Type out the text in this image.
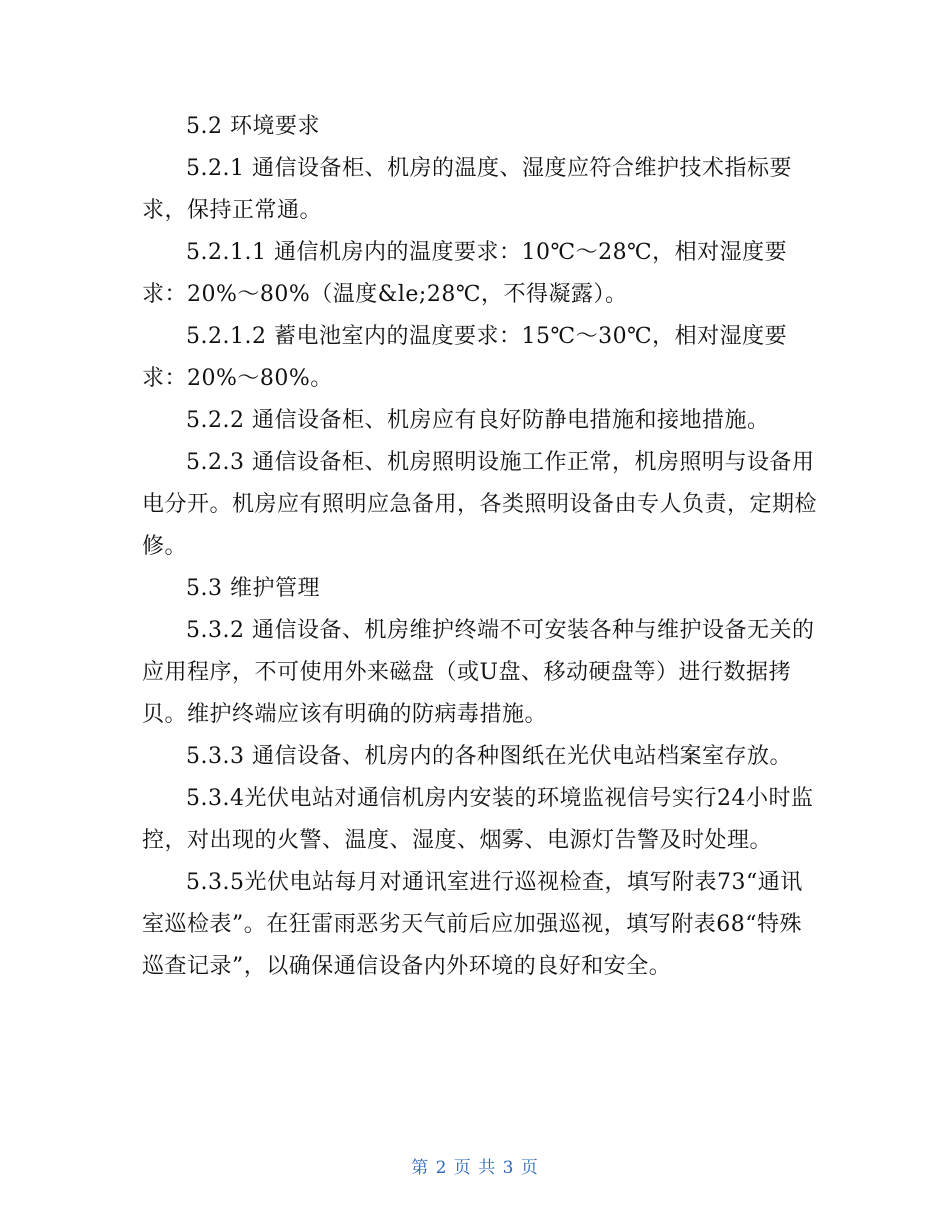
5.2 环境要求

5.2.1 通信设备柜、机房的温度、湿度应符合维护技术指标要求，保持正常通。

5.2.1.1 通信机房内的温度要求：10℃～28℃，相对湿度要求：20%～80%（温度&le;28℃，不得凝露）。

5.2.1.2 蓄电池室内的温度要求：15℃～30℃，相对湿度要求：20%～80%。

5.2.2 通信设备柜、机房应有良好防静电措施和接地措施。

5.2.3 通信设备柜、机房照明设施工作正常，机房照明与设备用电分开。机房应有照明应急备用，各类照明设备由专人负责，定期检修。

5.3 维护管理

5.3.2 通信设备、机房维护终端不可安装各种与维护设备无关的应用程序，不可使用外来磁盘（或U盘、移动硬盘等）进行数据拷贝。维护终端应该有明确的防病毒措施。

5.3.3 通信设备、机房内的各种图纸在光伏电站档案室存放。

5.3.4光伏电站对通信机房内安装的环境监视信号实行24小时监控，对出现的火警、温度、湿度、烟雾、电源灯告警及时处理。

5.3.5光伏电站每月对通讯室进行巡视检查，填写附表73“通讯室巡检表”。在狂雷雨恶劣天气前后应加强巡视，填写附表68“特殊巡查记录”，以确保通信设备内外环境的良好和安全。

第 2 页 共 3 页
